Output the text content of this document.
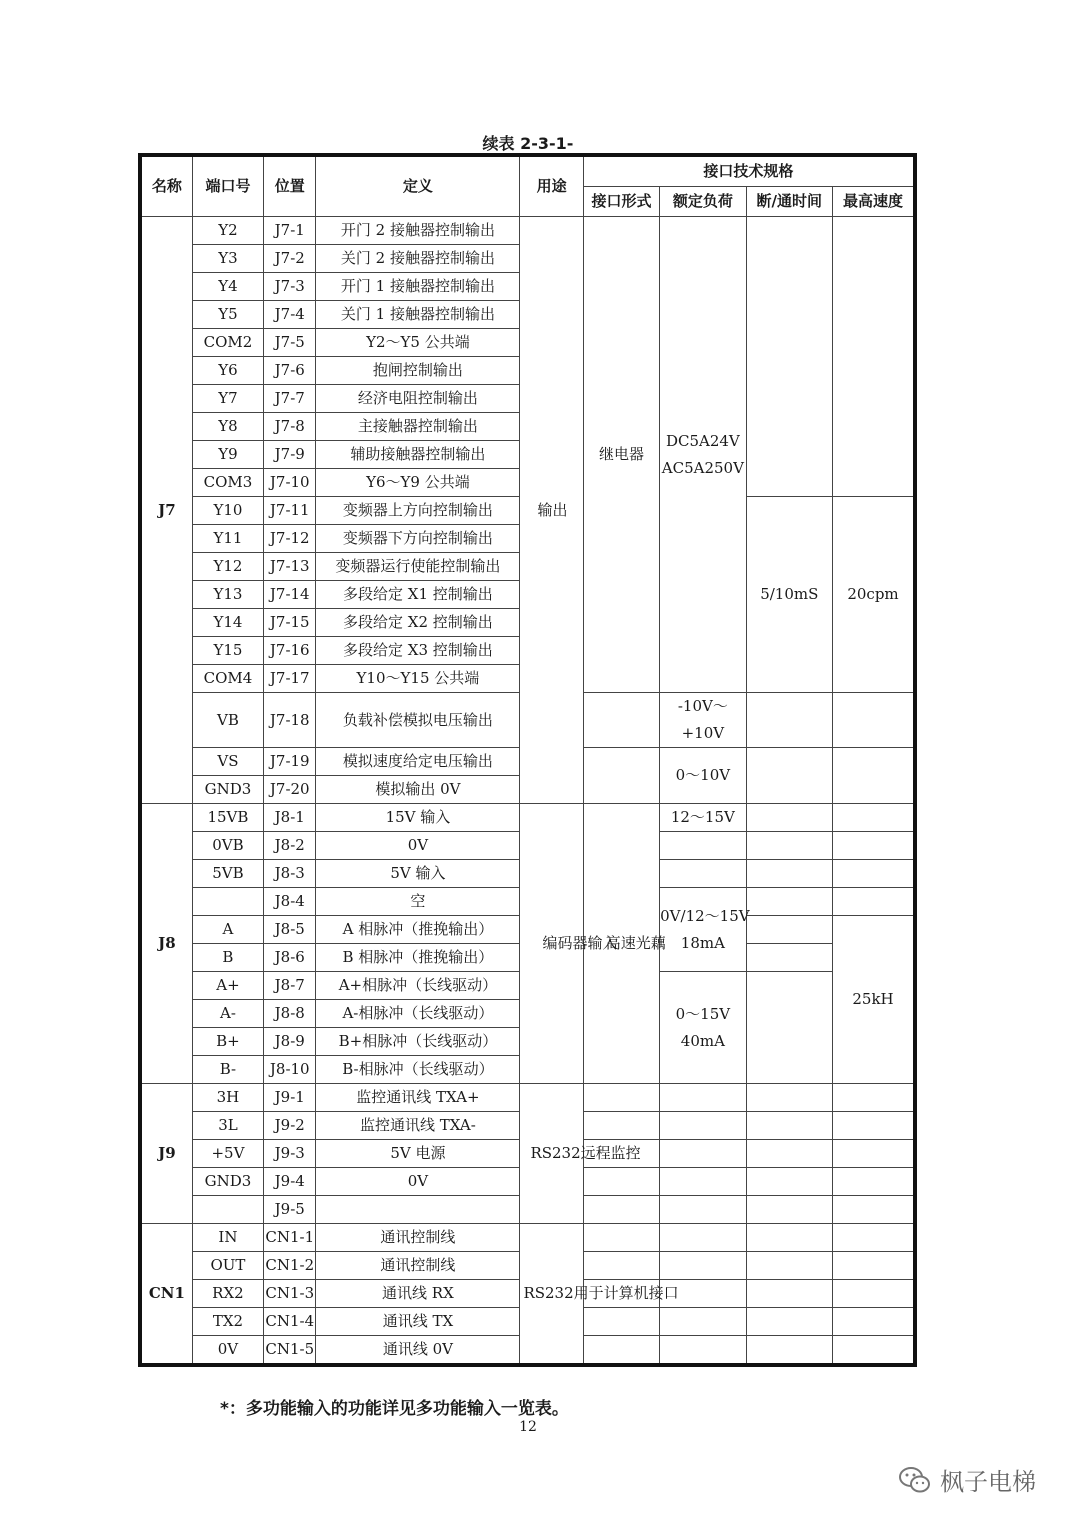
续表 2-3-1-
名称	端口号	位置	定义	用途	接口技术规格			
					接口形式	额定负荷	断/通时间	最高速度
J7	Y2	J7-1	开门 2 接触器控制输出	输出	继电器	DC5A24V
AC5A250V		
	Y3	J7-2	关门 2 接触器控制输出					
	Y4	J7-3	开门 1 接触器控制输出					
	Y5	J7-4	关门 1 接触器控制输出					
	COM2	J7-5	Y2～Y5 公共端					
	Y6	J7-6	抱闸控制输出					
	Y7	J7-7	经济电阻控制输出					
	Y8	J7-8	主接触器控制输出					
	Y9	J7-9	辅助接触器控制输出					
	COM3	J7-10	Y6～Y9 公共端					
	Y10	J7-11	变频器上方向控制输出				5/10mS	20cpm
	Y11	J7-12	变频器下方向控制输出					
	Y12	J7-13	变频器运行使能控制输出					
	Y13	J7-14	多段给定 X1 控制输出					
	Y14	J7-15	多段给定 X2 控制输出					
	Y15	J7-16	多段给定 X3 控制输出					
	COM4	J7-17	Y10～Y15 公共端					
	VB	J7-18	负载补偿模拟电压输出			-10V～
+10V		
	VS	J7-19	模拟速度给定电压输出			0～10V		
	GND3	J7-20	模拟输出 0V					
J8	15VB	J8-1	15V 输入	编码器输入	高速光藕	12～15V		
	0VB	J8-2	0V					
	5VB	J8-3	5V 输入					
		J8-4	空			0V/12～15V
18mA		
	A	J8-5	A 相脉冲（推挽输出）					25kH
	B	J8-6	B 相脉冲（推挽输出）					
	A+	J8-7	A+相脉冲（长线驱动）			0～15V
40mA		
	A-	J8-8	A-相脉冲（长线驱动）					
	B+	J8-9	B+相脉冲（长线驱动）					
	B-	J8-10	B-相脉冲（长线驱动）					
J9	3H	J9-1	监控通讯线 TXA+	RS232远程监控				
	3L	J9-2	监控通讯线 TXA-					
	+5V	J9-3	5V 电源					
	GND3	J9-4	0V					
		J9-5						
CN1	IN	CN1-1	通讯控制线	RS232用于计算机接口				
	OUT	CN1-2	通讯控制线					
	RX2	CN1-3	通讯线 RX					
	TX2	CN1-4	通讯线 TX					
	0V	CN1-5	通讯线 0V					
*：多功能输入的功能详见多功能输入一览表。
12
枫子电梯
